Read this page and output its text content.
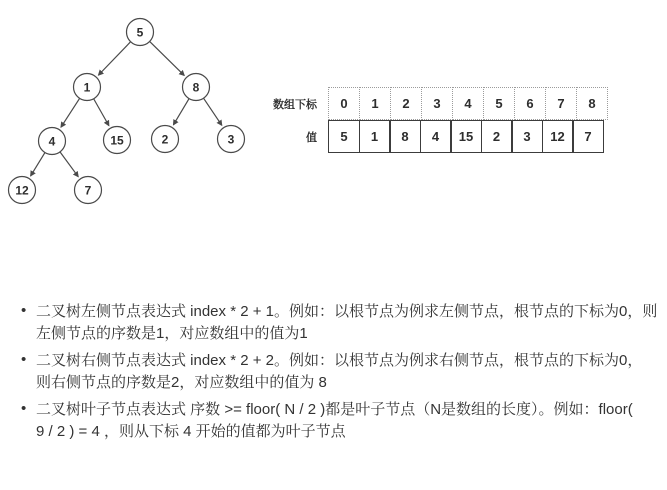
5
1	8
4	15	2	3
12	7
数组下标	0	1	2	3	4	5	6	7	8
值	5	1	8	4	15	2	3	12	7
• 二叉树左侧节点表达式 index * 2 + 1。例如：以根节点为例求左侧节点，根节点的下标为0，则
左侧节点的序数是1，对应数组中的值为1
• 二叉树右侧节点表达式 index * 2 + 2。例如：以根节点为例求右侧节点，根节点的下标为0，
则右侧节点的序数是2，对应数组中的值为 8
• 二叉树叶子节点表达式 序数 >= floor( N / 2 )都是叶子节点（N是数组的长度）。例如：floor(
9 / 2 ) = 4 ，则从下标 4 开始的值都为叶子节点
